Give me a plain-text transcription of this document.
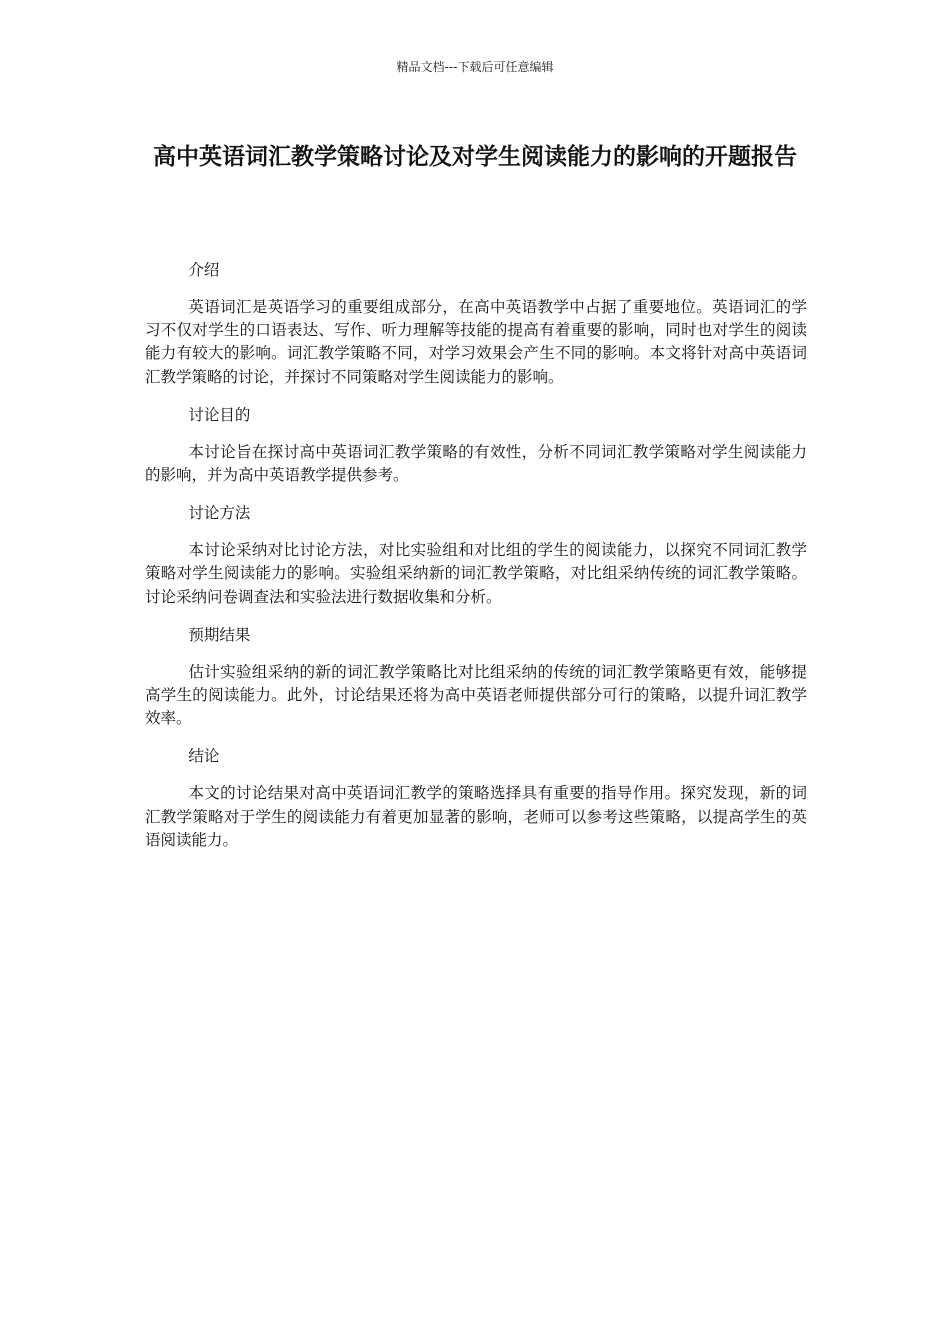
精品文档---下载后可任意编辑
高中英语词汇教学策略讨论及对学生阅读能力的影响的开题报告
介绍
英语词汇是英语学习的重要组成部分，在高中英语教学中占据了重要地位。英语词汇的学习不仅对学生的口语表达、写作、听力理解等技能的提高有着重要的影响，同时也对学生的阅读能力有较大的影响。词汇教学策略不同，对学习效果会产生不同的影响。本文将针对高中英语词汇教学策略的讨论，并探讨不同策略对学生阅读能力的影响。
讨论目的
本讨论旨在探讨高中英语词汇教学策略的有效性，分析不同词汇教学策略对学生阅读能力的影响，并为高中英语教学提供参考。
讨论方法
本讨论采纳对比讨论方法，对比实验组和对比组的学生的阅读能力，以探究不同词汇教学策略对学生阅读能力的影响。实验组采纳新的词汇教学策略，对比组采纳传统的词汇教学策略。讨论采纳问卷调查法和实验法进行数据收集和分析。
预期结果
估计实验组采纳的新的词汇教学策略比对比组采纳的传统的词汇教学策略更有效，能够提高学生的阅读能力。此外，讨论结果还将为高中英语老师提供部分可行的策略，以提升词汇教学效率。
结论
本文的讨论结果对高中英语词汇教学的策略选择具有重要的指导作用。探究发现，新的词汇教学策略对于学生的阅读能力有着更加显著的影响，老师可以参考这些策略，以提高学生的英语阅读能力。
